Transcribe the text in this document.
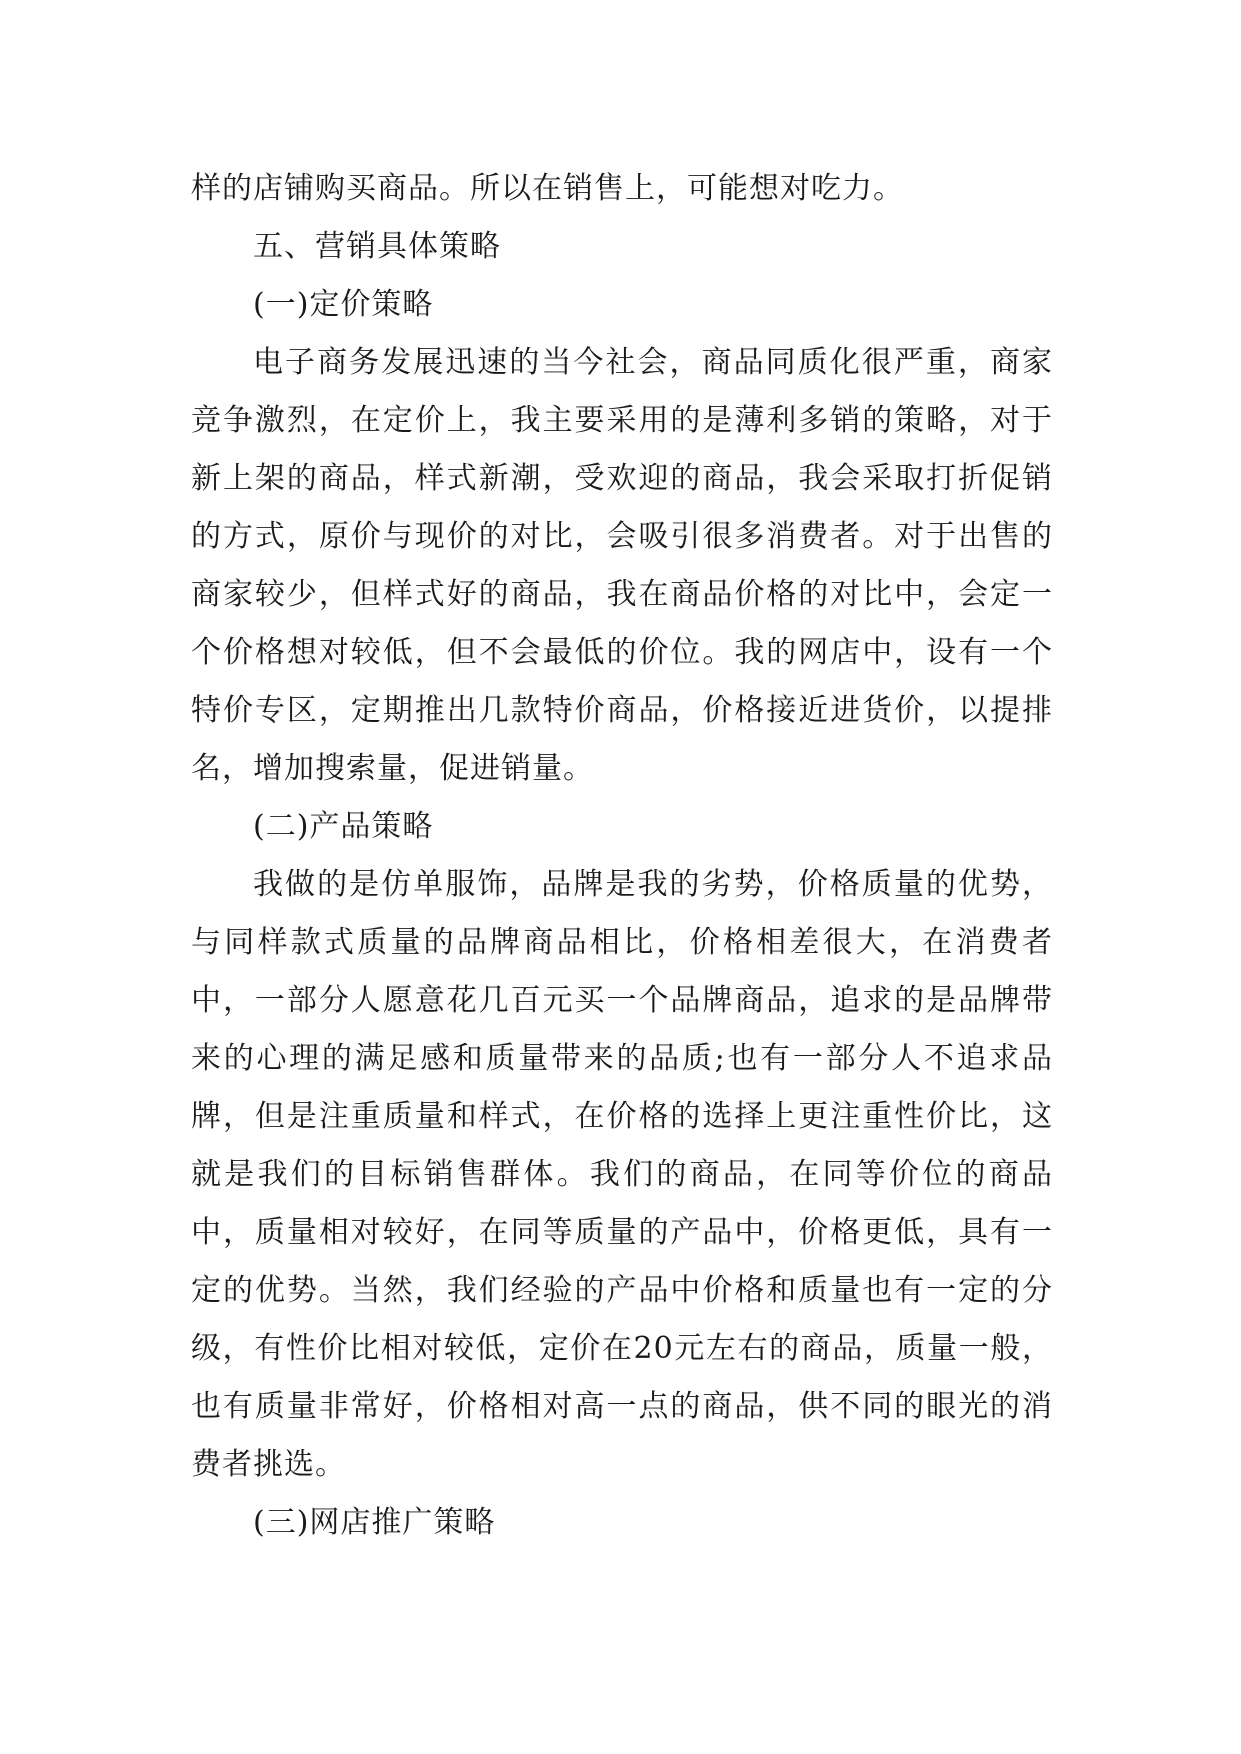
样的店铺购买商品。所以在销售上，可能想对吃力。

五、营销具体策略

(一)定价策略

电子商务发展迅速的当今社会，商品同质化很严重，商家竞争激烈，在定价上，我主要采用的是薄利多销的策略，对于新上架的商品，样式新潮，受欢迎的商品，我会采取打折促销的方式，原价与现价的对比，会吸引很多消费者。对于出售的商家较少，但样式好的商品，我在商品价格的对比中，会定一个价格想对较低，但不会最低的价位。我的网店中，设有一个特价专区，定期推出几款特价商品，价格接近进货价，以提排名，增加搜索量，促进销量。

(二)产品策略

我做的是仿单服饰，品牌是我的劣势，价格质量的优势，与同样款式质量的品牌商品相比，价格相差很大，在消费者中，一部分人愿意花几百元买一个品牌商品，追求的是品牌带来的心理的满足感和质量带来的品质;也有一部分人不追求品牌，但是注重质量和样式，在价格的选择上更注重性价比，这就是我们的目标销售群体。我们的商品，在同等价位的商品中，质量相对较好，在同等质量的产品中，价格更低，具有一定的优势。当然，我们经验的产品中价格和质量也有一定的分级，有性价比相对较低，定价在20元左右的商品，质量一般，也有质量非常好，价格相对高一点的商品，供不同的眼光的消费者挑选。

(三)网店推广策略
